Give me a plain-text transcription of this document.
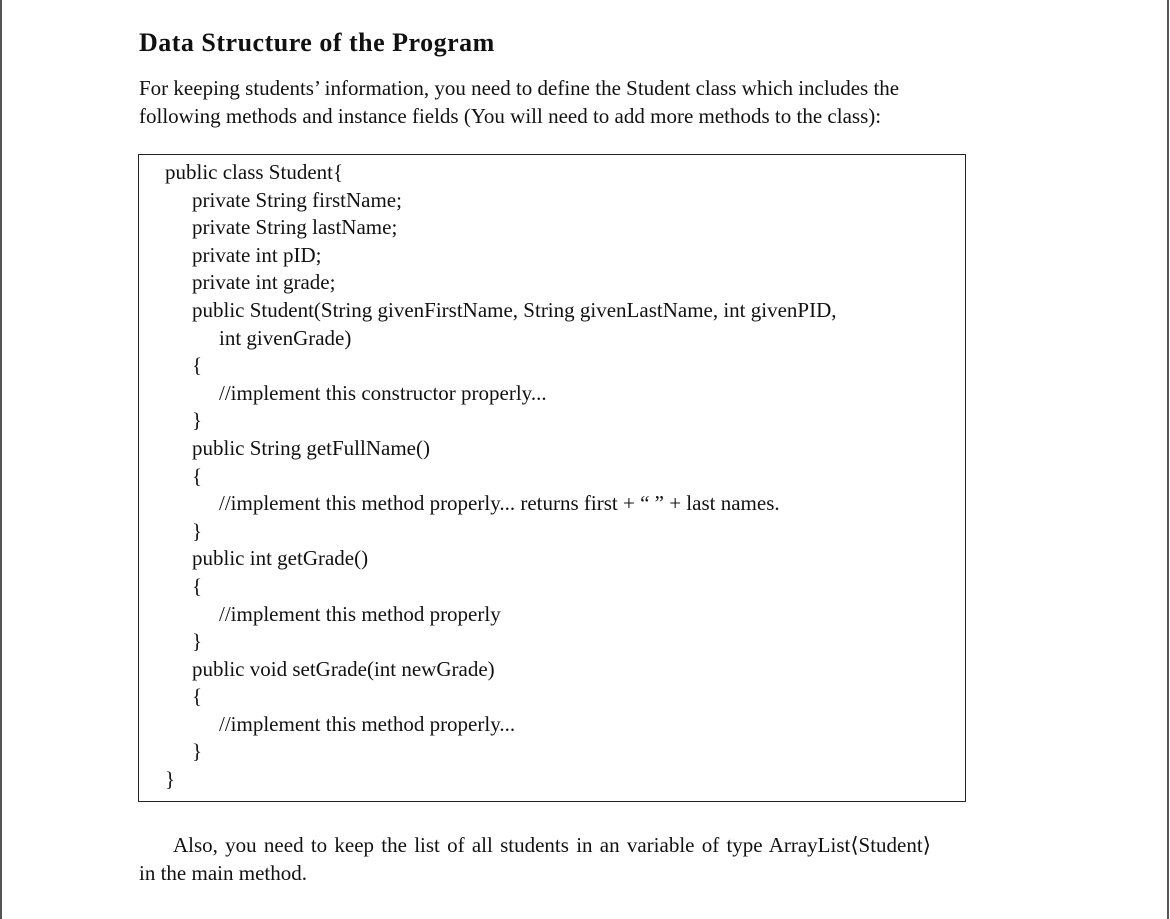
Data Structure of the Program
For keeping students’ information, you need to define the Student class which includes the
following methods and instance fields (You will need to add more methods to the class):
public class Student{
private String firstName;
private String lastName;
private int pID;
private int grade;
public Student(String givenFirstName, String givenLastName, int givenPID,
int givenGrade)
{
//implement this constructor properly...
}
public String getFullName()
{
//implement this method properly... returns first + “ ” + last names.
}
public int getGrade()
{
//implement this method properly
}
public void setGrade(int newGrade)
{
//implement this method properly...
}
}
Also, you need to keep the list of all students in an variable of type ArrayList⟨Student⟩
in the main method.
